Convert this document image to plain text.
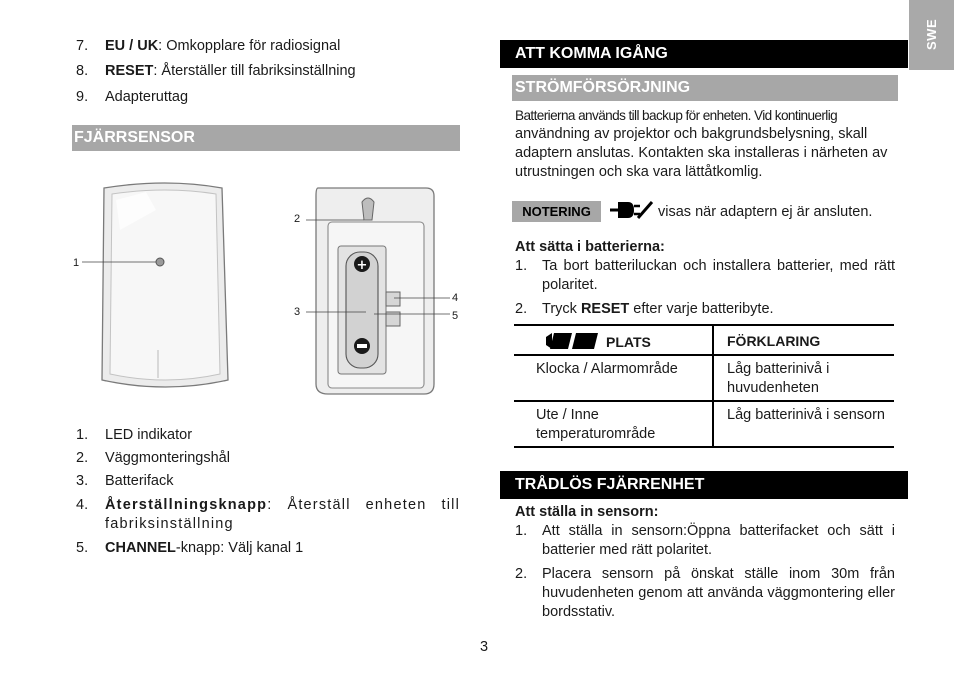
SWE
7. EU / UK: Omkopplare för radiosignal
8. RESET: Återställer till fabriksinställning
9. Adapteruttag
FJÄRRSENSOR
+
1
2
3
4
5
1. LED indikator
2. Väggmonteringshål
3. Batterifack
4. Återställningsknapp: Återställ enheten till fabriksinställning
5. CHANNEL-knapp: Välj kanal 1
ATT KOMMA IGÅNG
STRÖMFÖRSÖRJNING
Batterierna används till backup för enheten. Vid kontinuerlig
användning av projektor och bakgrundsbelysning, skall adaptern anslutas. Kontakten ska installeras i närheten av utrustningen och ska vara lättåtkomlig.
NOTERING	visas när adaptern ej är ansluten.
Att sätta i batterierna:
1. Ta bort batteriluckan och installera batterier, med rätt polaritet.
2. Tryck RESET efter varje batteribyte.
PLATS	FÖRKLARING
Klocka / Alarmområde	Låg batterinivå i huvudenheten
Ute / Inne temperaturområde	Låg batterinivå i sensorn
TRÅDLÖS FJÄRRENHET
Att ställa in sensorn:
1. Att ställa in sensorn:Öppna batterifacket och sätt i batterier med rätt polaritet.
2. Placera sensorn på önskat ställe inom 30m från huvudenheten genom att använda väggmontering eller bordsstativ.
3
